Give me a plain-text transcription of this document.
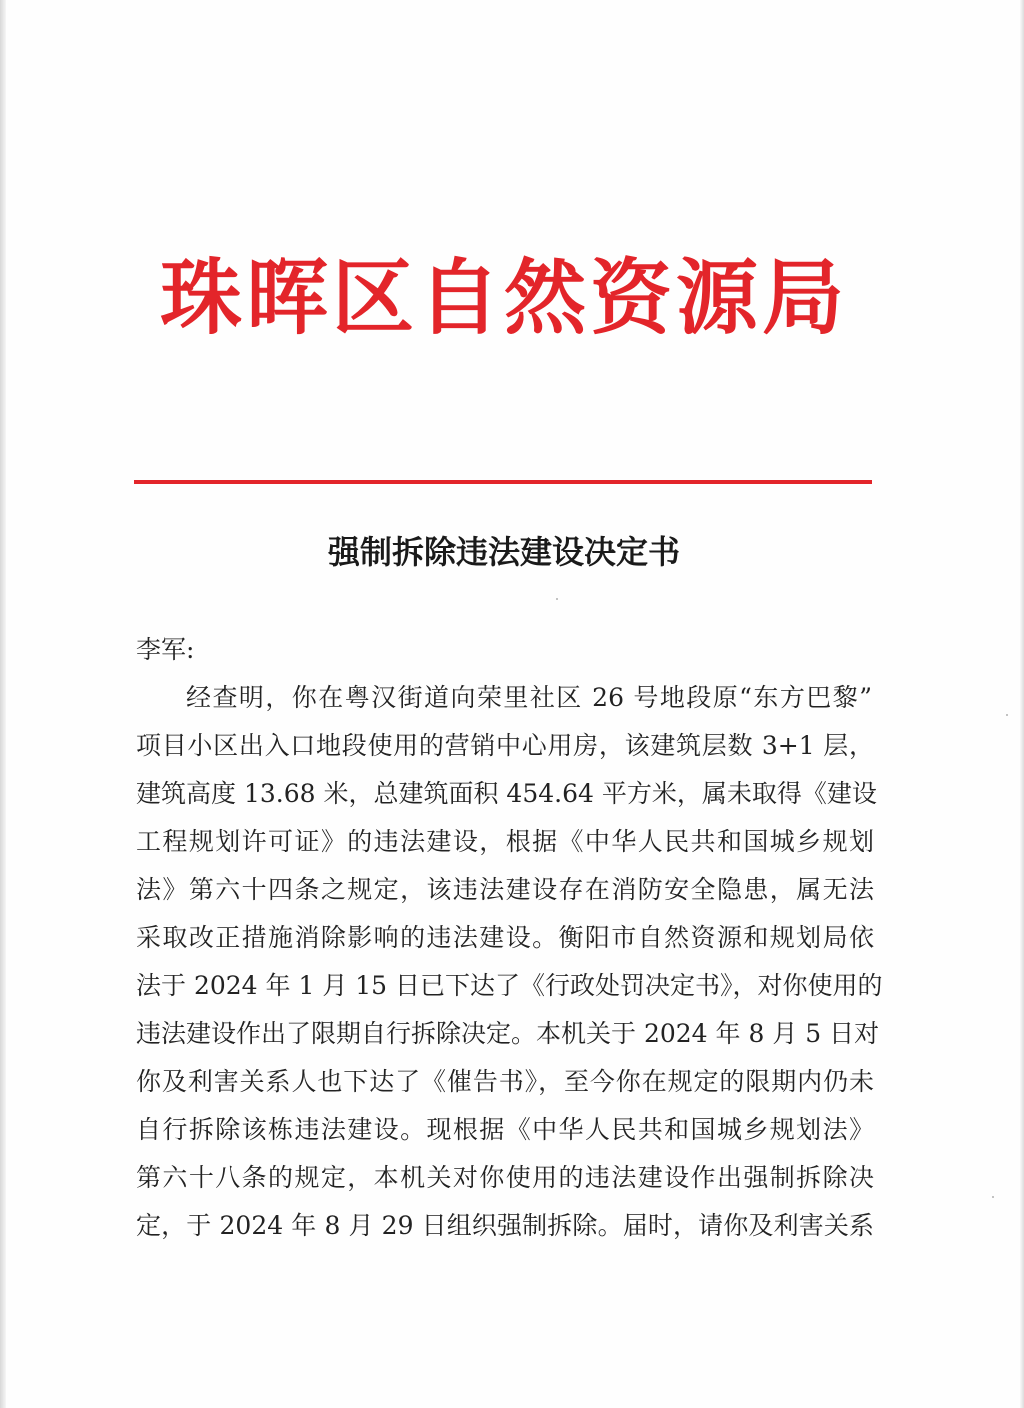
珠晖区自然资源局
强制拆除违法建设决定书
李军:
经查明，你在粤汉街道向荣里社区 26 号地段原“东方巴黎”
项目小区出入口地段使用的营销中心用房，该建筑层数 3+1 层，
建筑高度 13.68 米，总建筑面积 454.64 平方米，属未取得《建设
工程规划许可证》的违法建设，根据《中华人民共和国城乡规划
法》第六十四条之规定，该违法建设存在消防安全隐患，属无法
采取改正措施消除影响的违法建设。衡阳市自然资源和规划局依
法于 2024 年 1 月 15 日已下达了《行政处罚决定书》，对你使用的
违法建设作出了限期自行拆除决定。本机关于 2024 年 8 月 5 日对
你及利害关系人也下达了《催告书》，至今你在规定的限期内仍未
自行拆除该栋违法建设。现根据《中华人民共和国城乡规划法》
第六十八条的规定，本机关对你使用的违法建设作出强制拆除决
定，于 2024 年 8 月 29 日组织强制拆除。届时，请你及利害关系
